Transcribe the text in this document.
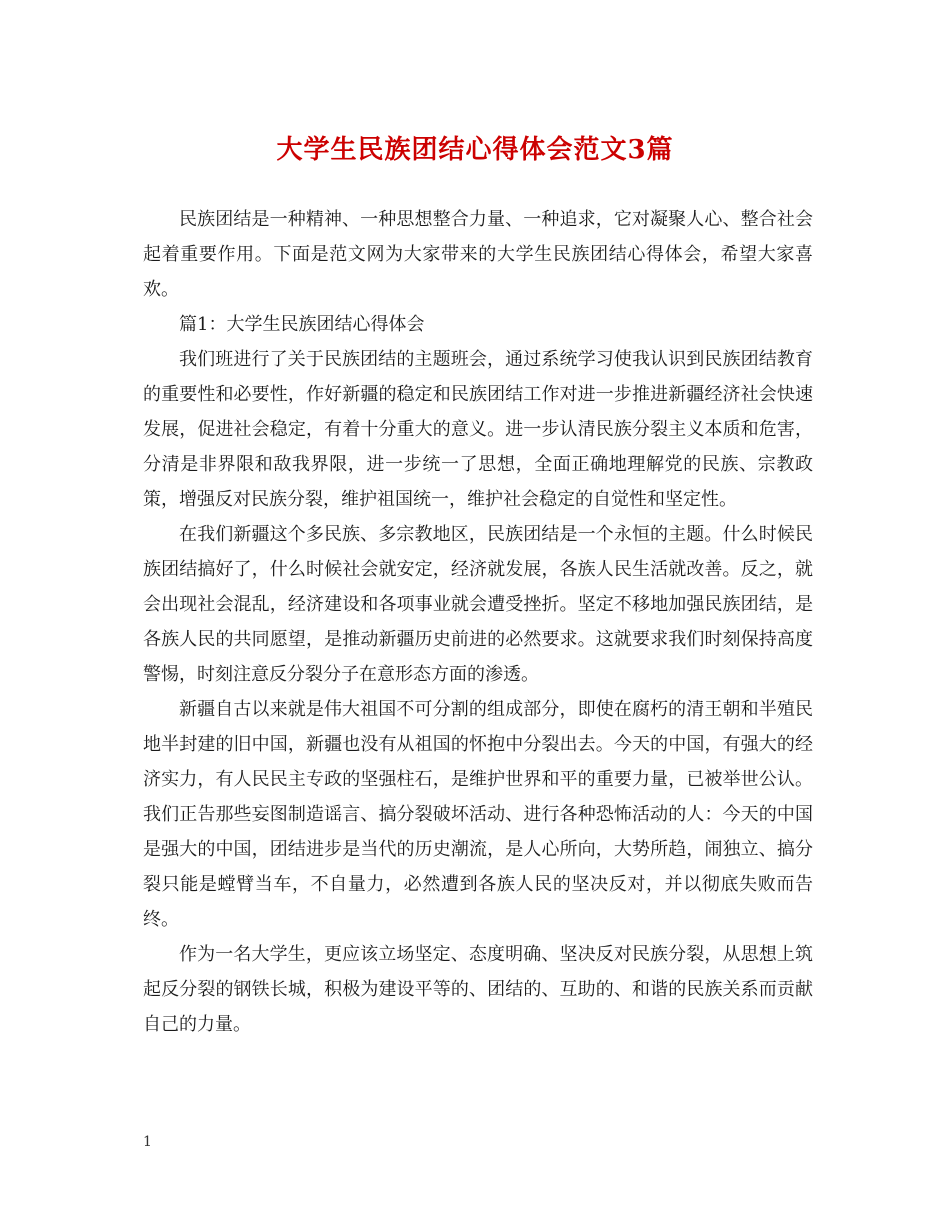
大学生民族团结心得体会范文3篇

民族团结是一种精神、一种思想整合力量、一种追求，它对凝聚人心、整合社会起着重要作用。下面是范文网为大家带来的大学生民族团结心得体会，希望大家喜欢。

篇1：大学生民族团结心得体会

我们班进行了关于民族团结的主题班会，通过系统学习使我认识到民族团结教育的重要性和必要性，作好新疆的稳定和民族团结工作对进一步推进新疆经济社会快速发展，促进社会稳定，有着十分重大的意义。进一步认清民族分裂主义本质和危害，分清是非界限和敌我界限，进一步统一了思想，全面正确地理解党的民族、宗教政策，增强反对民族分裂，维护祖国统一，维护社会稳定的自觉性和坚定性。

在我们新疆这个多民族、多宗教地区，民族团结是一个永恒的主题。什么时候民族团结搞好了，什么时候社会就安定，经济就发展，各族人民生活就改善。反之，就会出现社会混乱，经济建设和各项事业就会遭受挫折。坚定不移地加强民族团结，是各族人民的共同愿望，是推动新疆历史前进的必然要求。这就要求我们时刻保持高度警惕，时刻注意反分裂分子在意形态方面的渗透。

新疆自古以来就是伟大祖国不可分割的组成部分，即使在腐朽的清王朝和半殖民地半封建的旧中国，新疆也没有从祖国的怀抱中分裂出去。今天的中国，有强大的经济实力，有人民民主专政的坚强柱石，是维护世界和平的重要力量，已被举世公认。我们正告那些妄图制造谣言、搞分裂破坏活动、进行各种恐怖活动的人：今天的中国是强大的中国，团结进步是当代的历史潮流，是人心所向，大势所趋，闹独立、搞分裂只能是螳臂当车，不自量力，必然遭到各族人民的坚决反对，并以彻底失败而告终。

作为一名大学生，更应该立场坚定、态度明确、坚决反对民族分裂，从思想上筑起反分裂的钢铁长城，积极为建设平等的、团结的、互助的、和谐的民族关系而贡献自己的力量。

1
